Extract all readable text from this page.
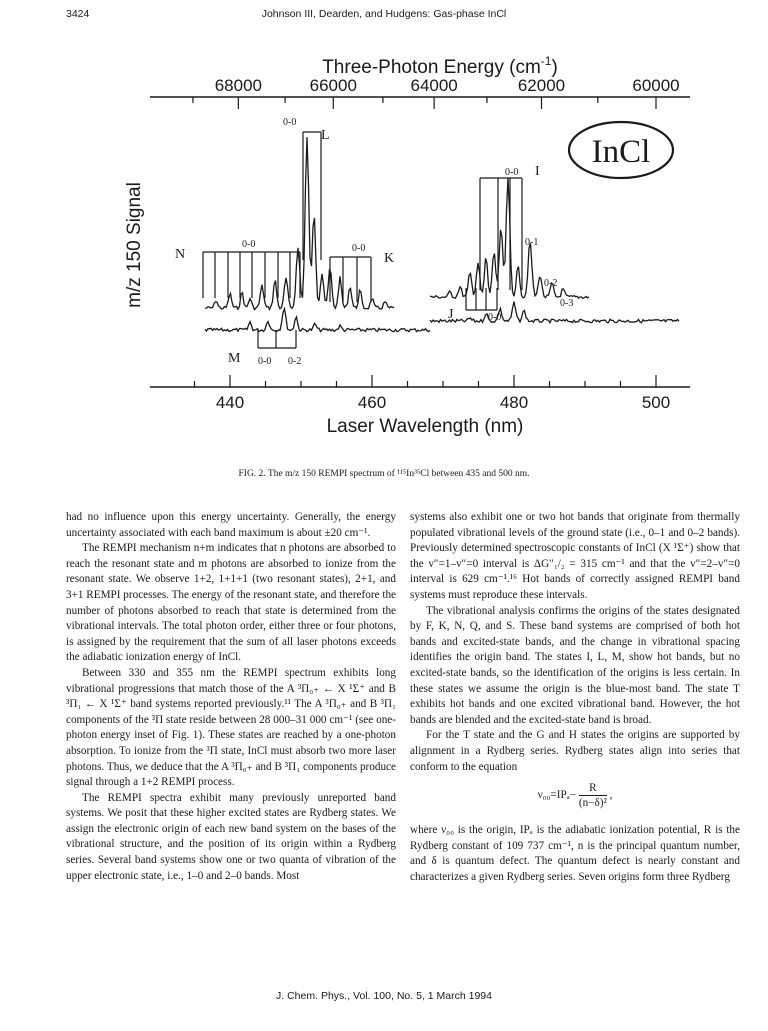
3424	Johnson III, Dearden, and Hudgens: Gas-phase InCl
Three-Photon Energy $(cm^{-1})$
68000	66000	64000	62000	60000
440	460	480	500
Laser Wavelength (nm)
m/z 150 Signal
InCl
L
0-0
N
0-0
K
0-0
I
0-0
0-1
0-2
0-3
J	0-0
M 0-0 0-2
FIG. 2. The m/z 150 REMPI spectrum of ¹¹⁵In³⁵Cl between 435 and 500 nm.

had no influence upon this energy uncertainty. Generally, the energy uncertainty associated with each band maximum is about ±20 cm⁻¹.

The REMPI mechanism n+m indicates that n photons are absorbed to reach the resonant state and m photons are absorbed to ionize from the resonant state. We observe 1+2, 1+1+1 (two resonant states), 2+1, and 3+1 REMPI processes. The energy of the resonant state, and therefore the number of photons absorbed to reach that state is determined from the vibrational intervals. The total photon order, either three or four photons, is assigned by the requirement that the sum of all laser photons exceeds the adiabatic ionization energy of InCl.

Between 330 and 355 nm the REMPI spectrum exhibits long vibrational progressions that match those of the A ³Π₀₊ ← X ¹Σ⁺ and B ³Π₁ ← X ¹Σ⁺ band systems reported previously.¹¹ The A ³Π₀₊ and B ³Π₁ components of the ³Π state reside between 28 000–31 000 cm⁻¹ (see one-photon energy inset of Fig. 1). These states are reached by a one-photon absorption. To ionize from the ³Π state, InCl must absorb two more laser photons. Thus, we deduce that the A ³Π₀₊ and B ³Π₁ components produce signal through a 1+2 REMPI process.

The REMPI spectra exhibit many previously unreported band systems. We posit that these higher excited states are Rydberg states. We assign the electronic origin of each new band system on the bases of the vibrational structure, and the position of its origin within a Rydberg series. Several band systems show one or two quanta of vibration of the upper electronic state, i.e., 1–0 and 2–0 bands. Most

systems also exhibit one or two hot bands that originate from thermally populated vibrational levels of the ground state (i.e., 0–1 and 0–2 bands). Previously determined spectroscopic constants of InCl (X ¹Σ⁺) show that the v″=1–v″=0 interval is ΔG″₁/₂ = 315 cm⁻¹ and that the v″=2–v″=0 interval is 629 cm⁻¹.¹⁶ Hot bands of correctly assigned REMPI band systems must reproduce these intervals.

The vibrational analysis confirms the origins of the states designated by F, K, N, Q, and S. These band systems are comprised of both hot bands and excited-state bands, and the change in vibrational spacing identifies the origin band. The states I, L, M, show hot bands, but no excited-state bands, so the identification of the origins is less certain. In these states we assume the origin is the blue-most band. The state T exhibits hot bands and one excited vibrational band. However, the hot bands are blended and the excited-state band is broad.

For the T state and the G and H states the origins are supported by alignment in a Rydberg series. Rydberg states align into series that conform to the equation

$\nu_{00}=IP_a- \frac{R}{\text{(n−δ)²}}$ ,

where ν₀₀ is the origin, IPₐ is the adiabatic ionization potential, R is the Rydberg constant of 109 737 cm⁻¹, n is the principal quantum number, and δ is quantum defect. The quantum defect is nearly constant and characterizes a given Rydberg series. Seven origins form three Rydberg

J. Chem. Phys., Vol. 100, No. 5, 1 March 1994
